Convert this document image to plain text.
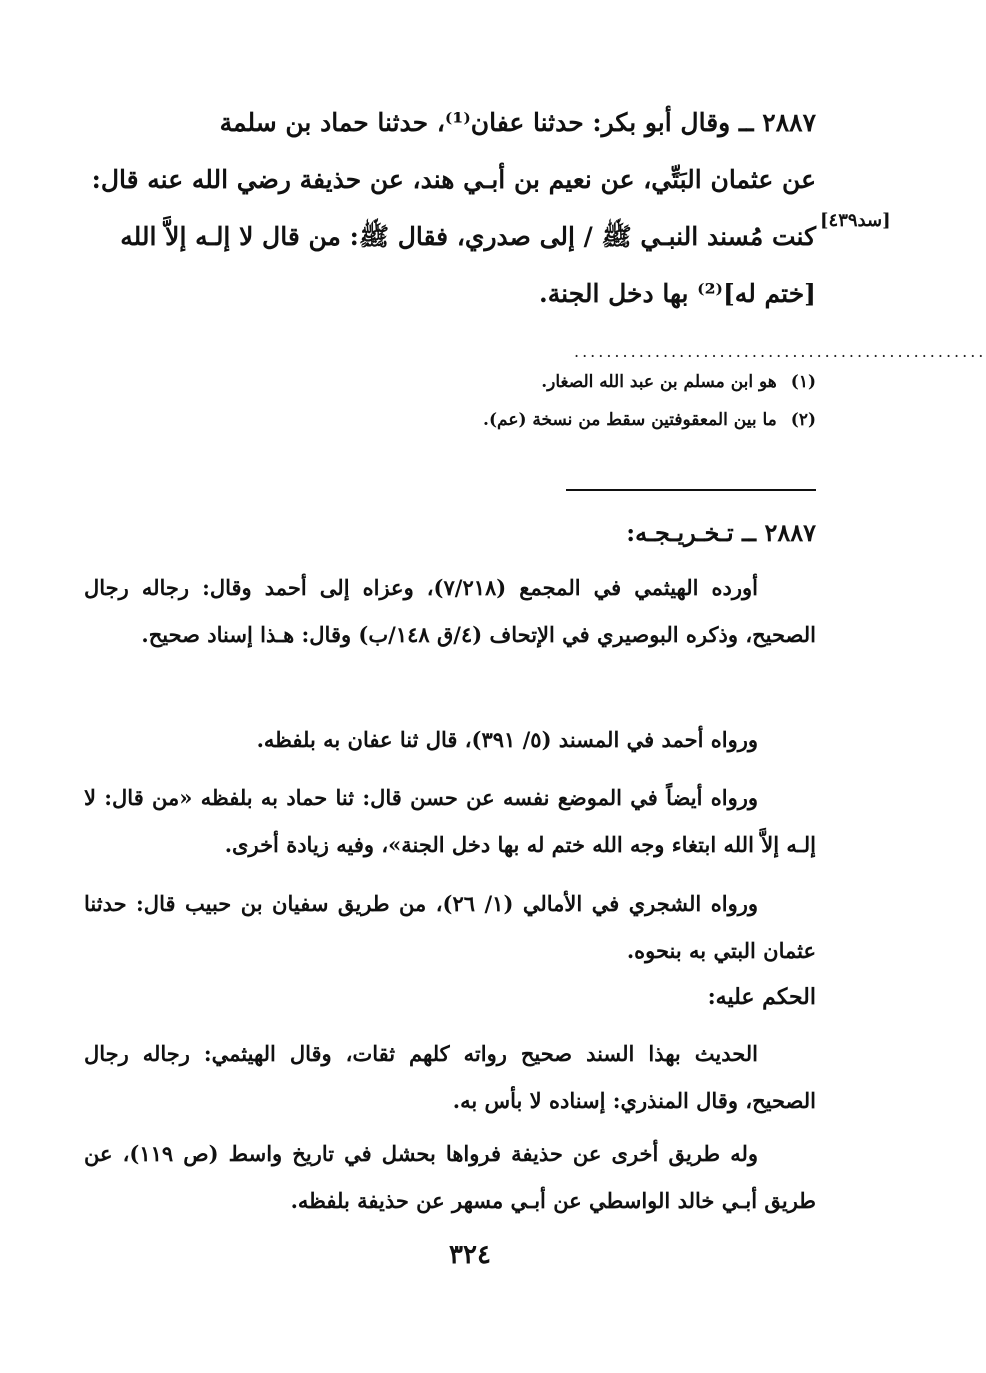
٢٨٨٧ ــ وقال أبو بكر: حدثنا عفان⁽¹⁾، حدثنا حماد بن سلمة

عن عثمان البَتِّي، عن نعيم بن أبـي هند، عن حذيفة رضي الله عنه قال:

كنت مُسند النبـي ﷺ / إلى صدري، فقال ﷺ: من قال لا إلـه إلاَّ الله

[ختم له]⁽²⁾ بها دخل الجنة.

[سد٤٣٩]
...................................................
(١)هو ابن مسلم بن عبد الله الصغار.
(٢)ما بين المعقوفتين سقط من نسخة (عم).
٢٨٨٧ ــ تـخـريـجـه:

أورده الهيثمي في المجمع (٧/٢١٨)، وعزاه إلى أحمد وقال: رجاله رجال الصحيح، وذكره البوصيري في الإتحاف (٤/ق ١٤٨/ب) وقال: هـذا إسناد صحيح.

ورواه أحمد في المسند (٥/ ٣٩١)، قال ثنا عفان به بلفظه.

ورواه أيضاً في الموضع نفسه عن حسن قال: ثنا حماد به بلفظه «من قال: لا إلـه إلاَّ الله ابتغاء وجه الله ختم له بها دخل الجنة»، وفيه زيادة أخرى.

ورواه الشجري في الأمالي (١/ ٢٦)، من طريق سفيان بن حبيب قال: حدثنا عثمان البتي به بنحوه.

الحكم عليه:

الحديث بهذا السند صحيح رواته كلهم ثقات، وقال الهيثمي: رجاله رجال الصحيح، وقال المنذري: إسناده لا بأس به.

وله طريق أخرى عن حذيفة فرواها بحشل في تاريخ واسط (ص ١١٩)، عن طريق أبـي خالد الواسطي عن أبـي مسهر عن حذيفة بلفظه.

٣٢٤
